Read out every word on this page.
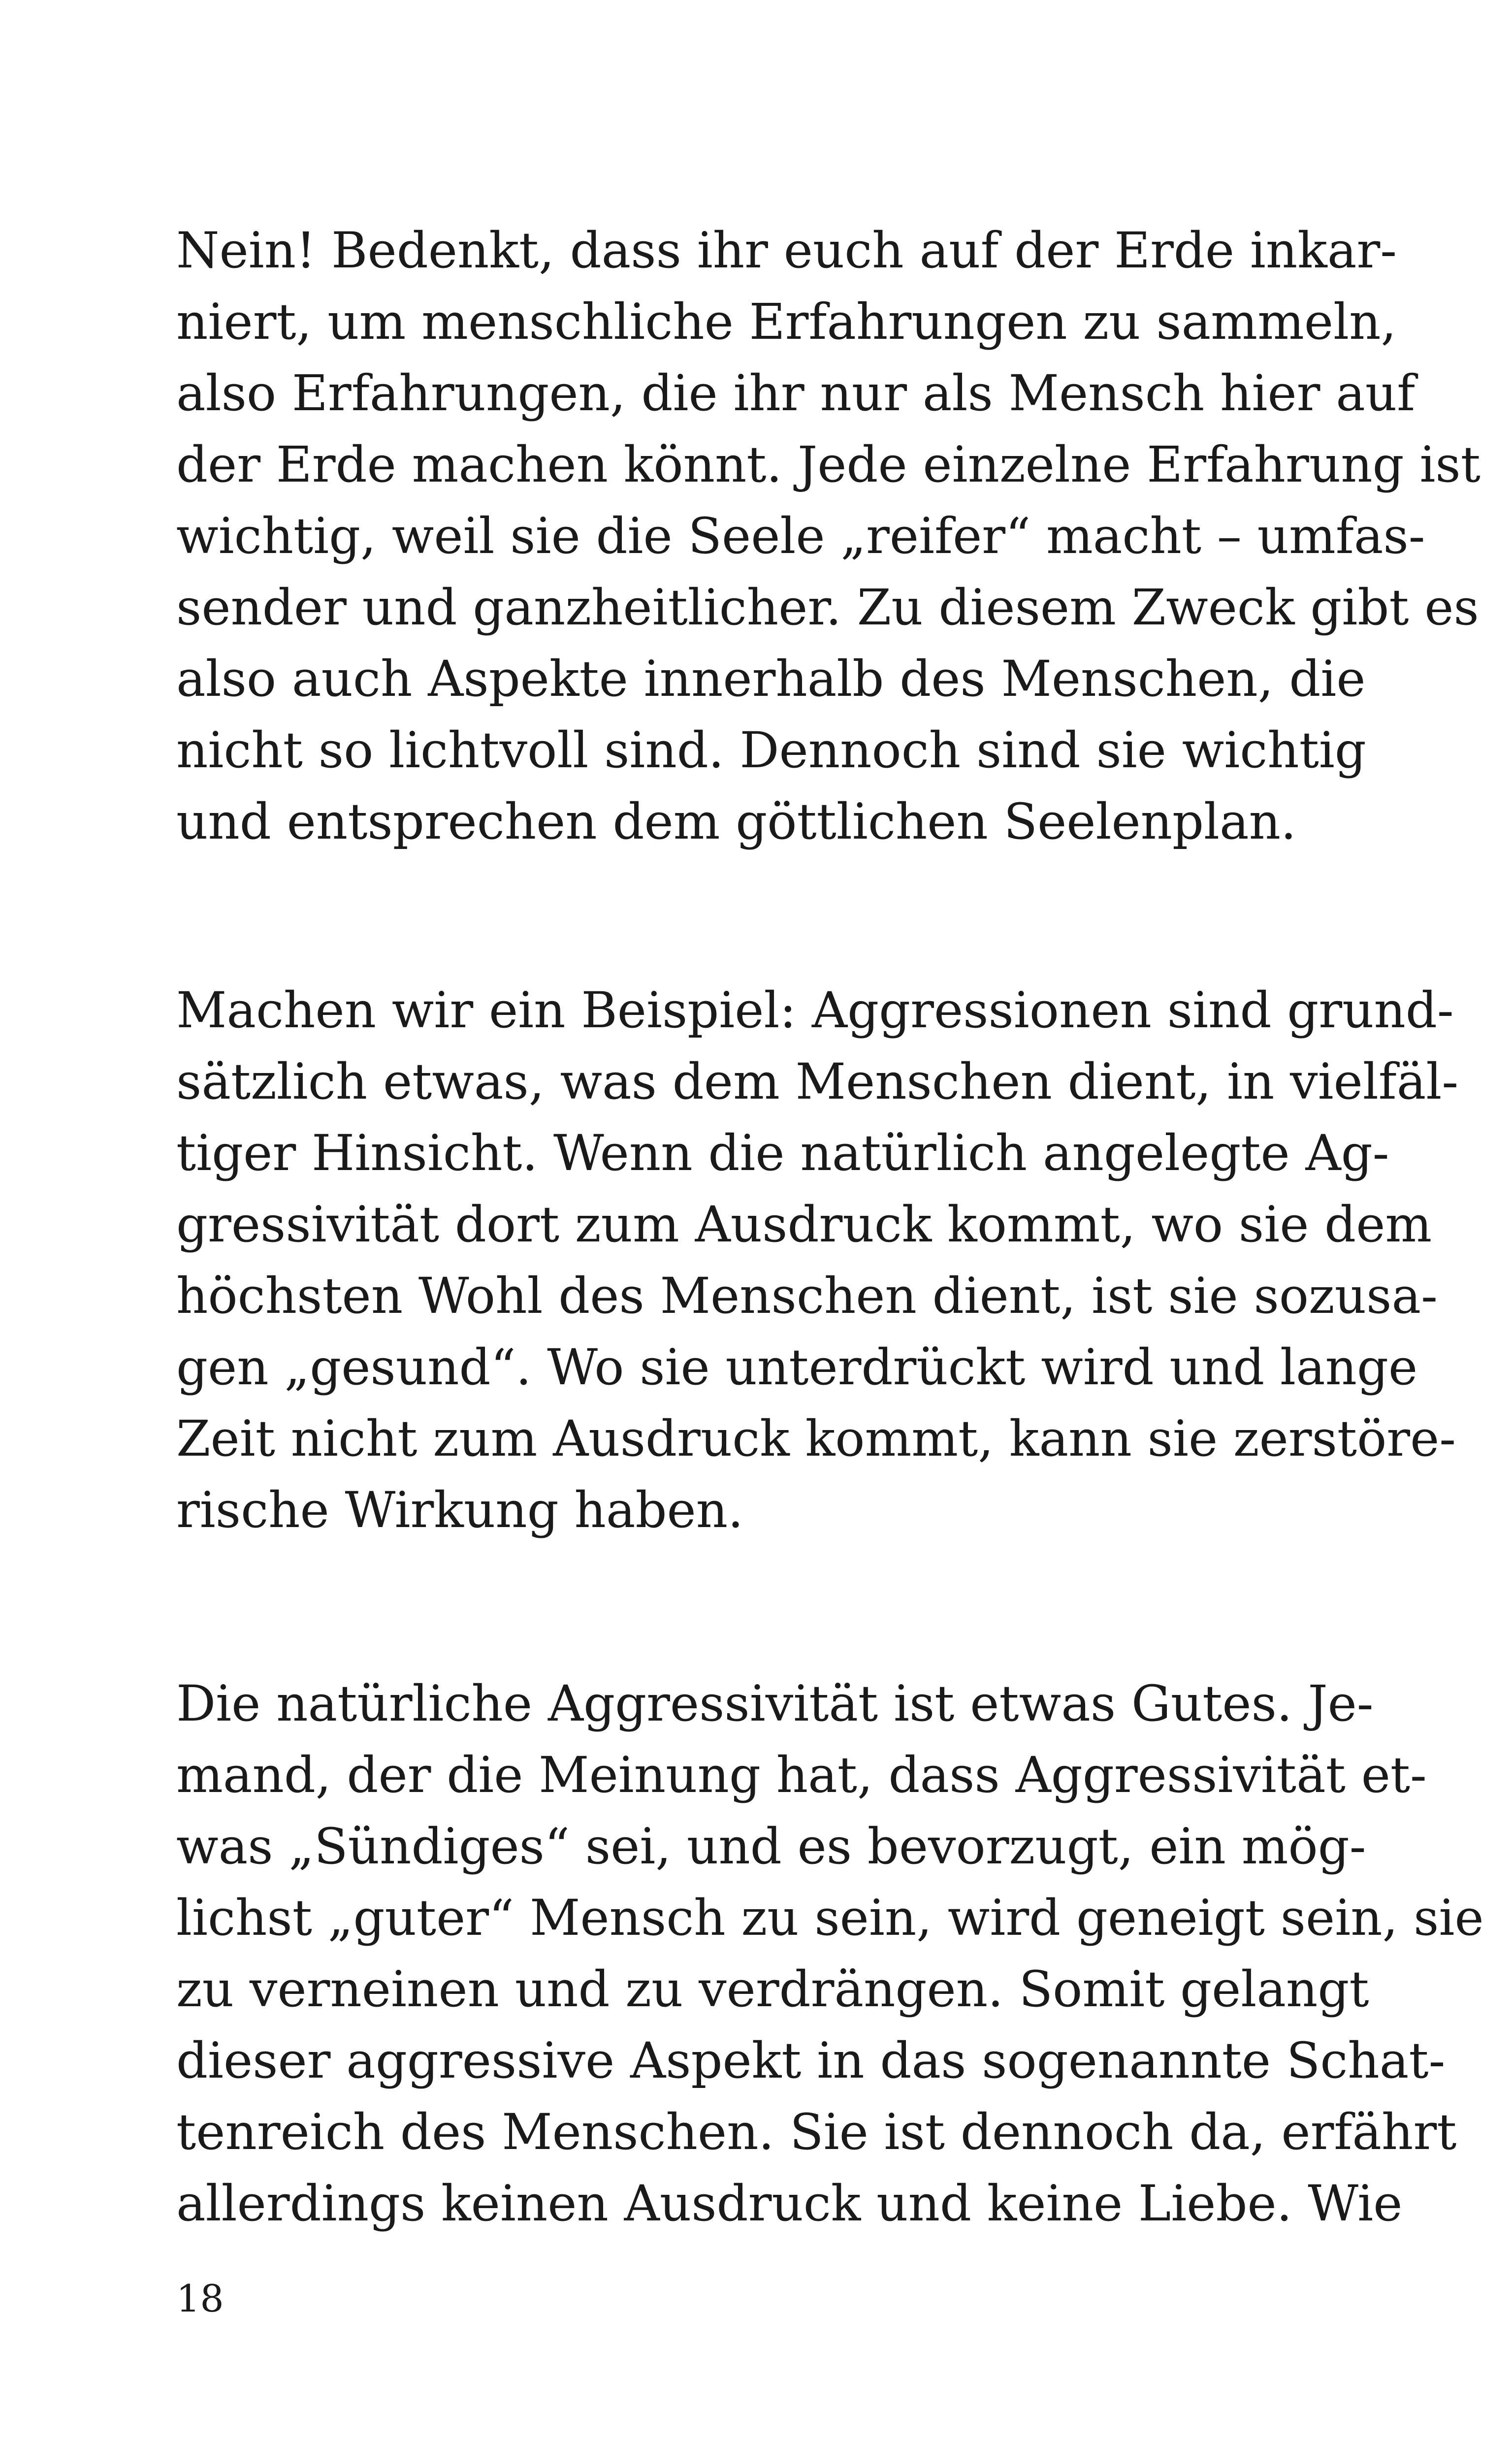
Nein! Bedenkt, dass ihr euch auf der Erde inkar-
niert, um menschliche Erfahrungen zu sammeln,
also Erfahrungen, die ihr nur als Mensch hier auf
der Erde machen könnt. Jede einzelne Erfahrung ist
wichtig, weil sie die Seele „reifer“ macht – umfas-
sender und ganzheitlicher. Zu diesem Zweck gibt es
also auch Aspekte innerhalb des Menschen, die
nicht so lichtvoll sind. Dennoch sind sie wichtig
und entsprechen dem göttlichen Seelenplan.
Machen wir ein Beispiel: Aggressionen sind grund-
sätzlich etwas, was dem Menschen dient, in vielfäl-
tiger Hinsicht. Wenn die natürlich angelegte Ag-
gressivität dort zum Ausdruck kommt, wo sie dem
höchsten Wohl des Menschen dient, ist sie sozusa-
gen „gesund“. Wo sie unterdrückt wird und lange
Zeit nicht zum Ausdruck kommt, kann sie zerstöre-
rische Wirkung haben.
Die natürliche Aggressivität ist etwas Gutes. Je-
mand, der die Meinung hat, dass Aggressivität et-
was „Sündiges“ sei, und es bevorzugt, ein mög-
lichst „guter“ Mensch zu sein, wird geneigt sein, sie
zu verneinen und zu verdrängen. Somit gelangt
dieser aggressive Aspekt in das sogenannte Schat-
tenreich des Menschen. Sie ist dennoch da, erfährt
allerdings keinen Ausdruck und keine Liebe. Wie
18
